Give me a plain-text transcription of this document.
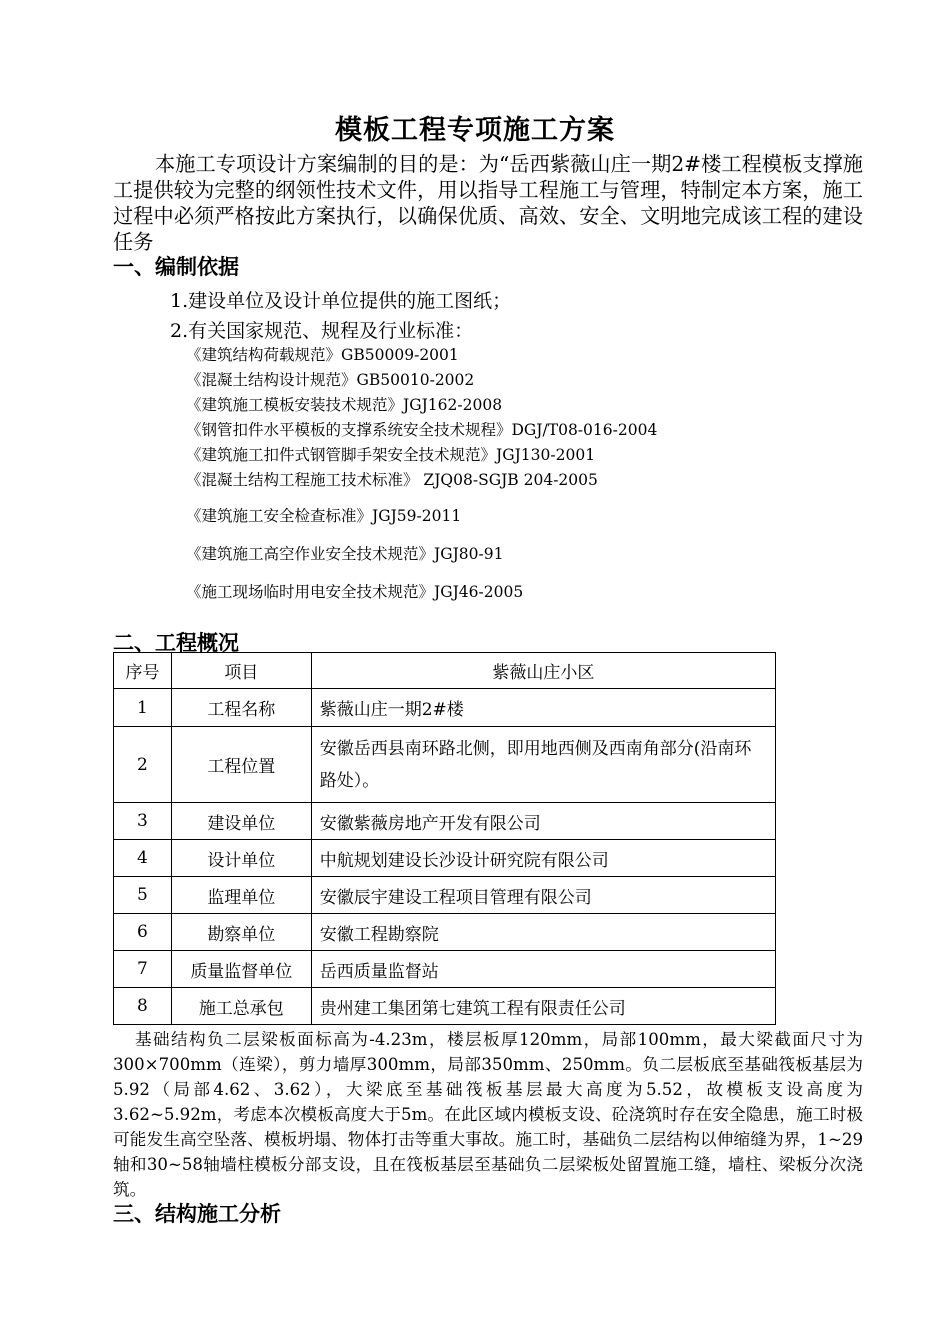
模板工程专项施工方案
本施工专项设计方案编制的目的是：为“岳西紫薇山庄一期2#楼工程模板支撑施工提供较为完整的纲领性技术文件，用以指导工程施工与管理，特制定本方案，施工过程中必须严格按此方案执行，以确保优质、高效、安全、文明地完成该工程的建设任务
一、编制依据
1.建设单位及设计单位提供的施工图纸；
2.有关国家规范、规程及行业标准：
《建筑结构荷载规范》GB50009-2001
《混凝土结构设计规范》GB50010-2002
《建筑施工模板安装技术规范》JGJ162-2008
《钢管扣件水平模板的支撑系统安全技术规程》DGJ/T08-016-2004
《建筑施工扣件式钢管脚手架安全技术规范》JGJ130-2001
《混凝土结构工程施工技术标准》 ZJQ08-SGJB 204-2005
《建筑施工安全检查标准》JGJ59-2011
《建筑施工高空作业安全技术规范》JGJ80-91
《施工现场临时用电安全技术规范》JGJ46-2005
二、工程概况
序号	项目	紫薇山庄小区
1	工程名称	紫薇山庄一期2#楼
2	工程位置	安徽岳西县南环路北侧，即用地西侧及西南角部分(沿南环路处）。
3	建设单位	安徽紫薇房地产开发有限公司
4	设计单位	中航规划建设长沙设计研究院有限公司
5	监理单位	安徽辰宇建设工程项目管理有限公司
6	勘察单位	安徽工程勘察院
7	质量监督单位	岳西质量监督站
8	施工总承包	贵州建工集团第七建筑工程有限责任公司
基础结构负二层梁板面标高为-4.23m，楼层板厚120mm，局部100mm，最大梁截面尺寸为300×700mm（连梁），剪力墙厚300mm，局部350mm、250mm。负二层板底至基础筏板基层为5.92（局部4.62、3.62），大梁底至基础筏板基层最大高度为5.52，故模板支设高度为3.62~5.92m，考虑本次模板高度大于5m。在此区域内模板支设、砼浇筑时存在安全隐患，施工时极可能发生高空坠落、模板坍塌、物体打击等重大事故。施工时，基础负二层结构以伸缩缝为界，1~29轴和30~58轴墙柱模板分部支设，且在筏板基层至基础负二层梁板处留置施工缝，墙柱、梁板分次浇筑。
三、结构施工分析
